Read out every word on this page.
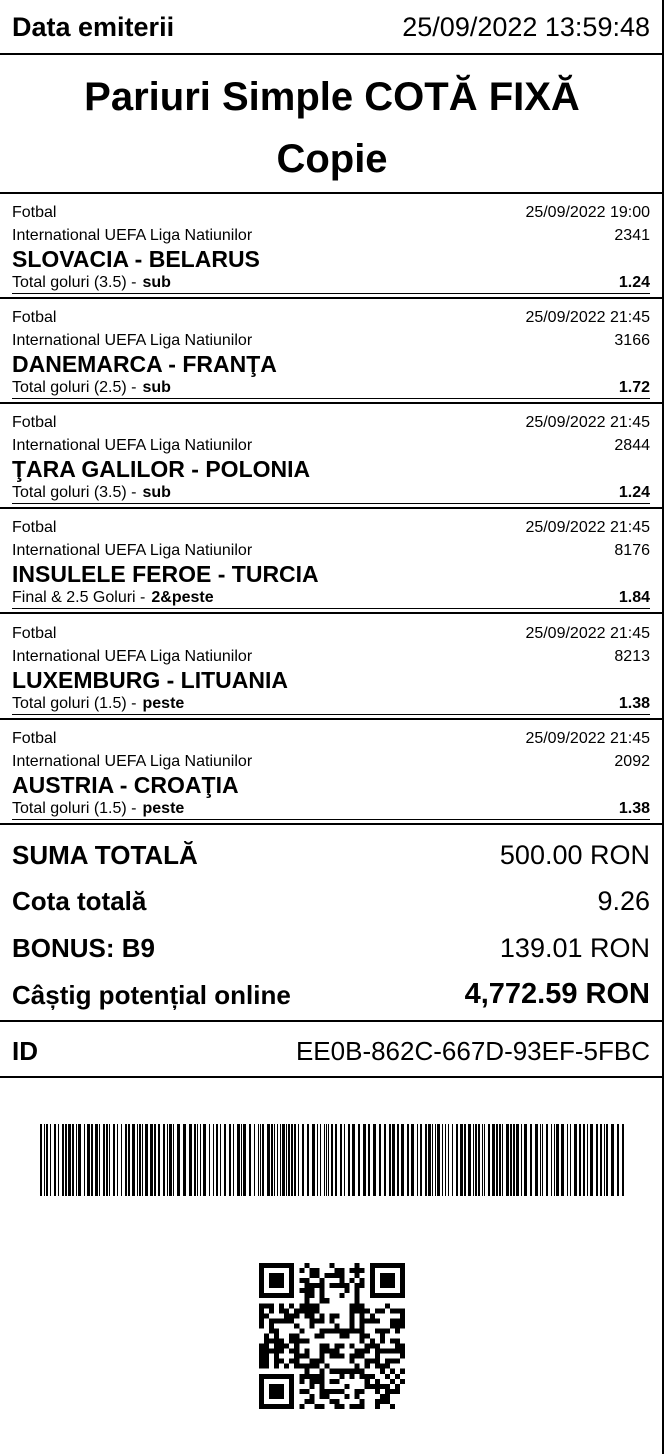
Data emiterii	25/09/2022 13:59:48
Pariuri Simple COTĂ FIXĂ
Copie
Fotbal	25/09/2022 19:00
International UEFA Liga Natiunilor	2341
SLOVACIA - BELARUS
Total goluri (3.5) - sub	1.24
Fotbal	25/09/2022 21:45
International UEFA Liga Natiunilor	3166
DANEMARCA - FRANŢA
Total goluri (2.5) - sub	1.72
Fotbal	25/09/2022 21:45
International UEFA Liga Natiunilor	2844
ŢARA GALILOR - POLONIA
Total goluri (3.5) - sub	1.24
Fotbal	25/09/2022 21:45
International UEFA Liga Natiunilor	8176
INSULELE FEROE - TURCIA
Final & 2.5 Goluri - 2&peste	1.84
Fotbal	25/09/2022 21:45
International UEFA Liga Natiunilor	8213
LUXEMBURG - LITUANIA
Total goluri (1.5) - peste	1.38
Fotbal	25/09/2022 21:45
International UEFA Liga Natiunilor	2092
AUSTRIA - CROAŢIA
Total goluri (1.5) - peste	1.38
SUMA TOTALĂ	500.00 RON
Cota totală	9.26
BONUS: B9	139.01 RON
Câștig potențial online	4,772.59 RON
ID	EE0B-862C-667D-93EF-5FBC
